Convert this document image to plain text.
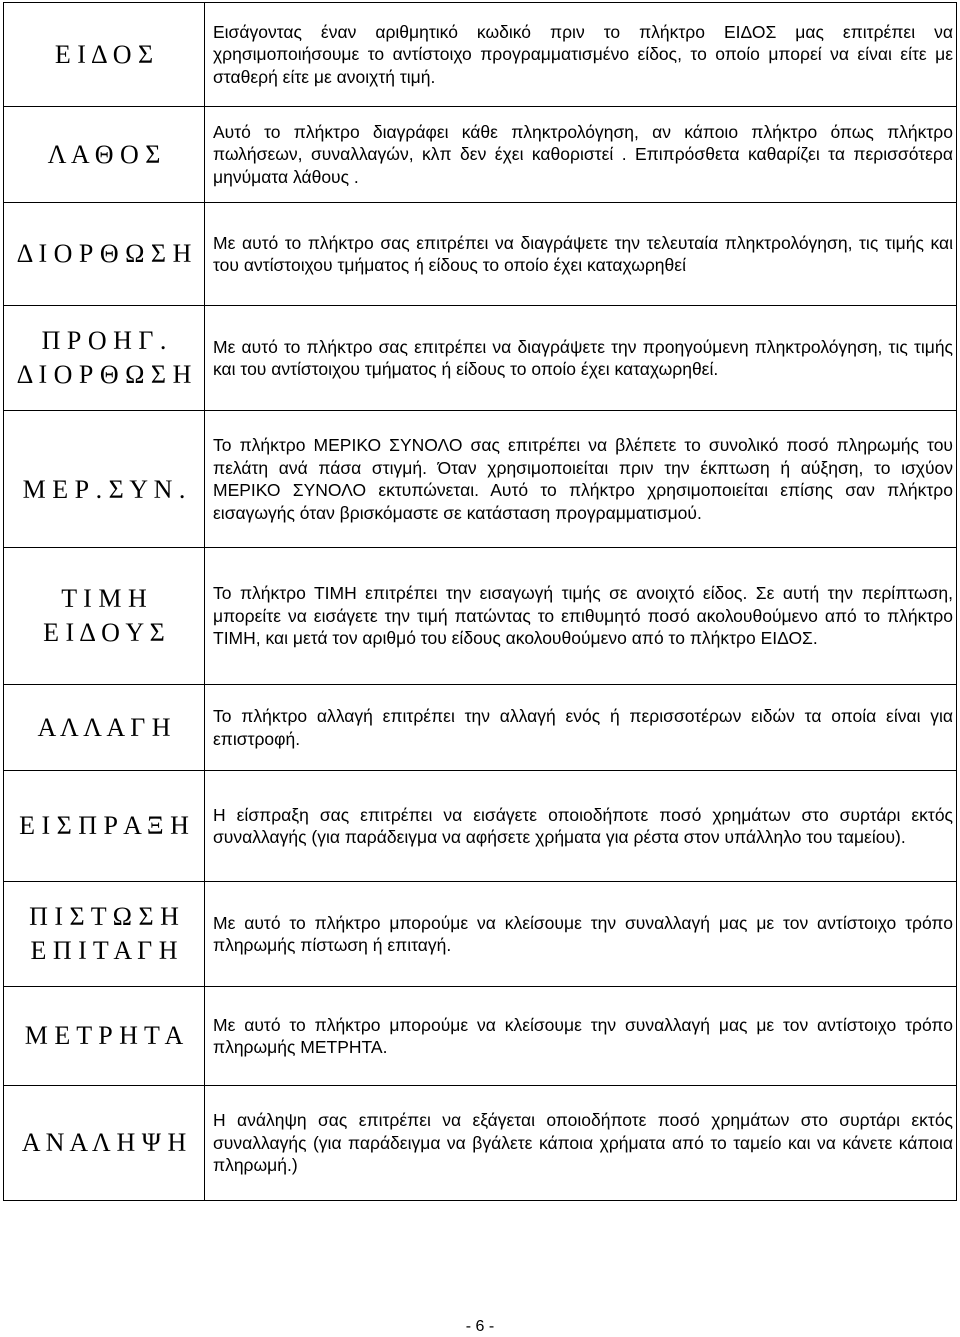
Ε Ι Δ Ο Σ	Εισάγοντας έναν αριθμητικό κωδικό πριν το πλήκτρο ΕΙΔΟΣ μας επιτρέπει να χρησιμοποιήσουμε το αντίστοιχο προγραμματισμένο είδος, το οποίο μπορεί να είναι είτε με σταθερή είτε με ανοιχτή τιμή.

Λ Α Θ Ο Σ	Αυτό το πλήκτρο διαγράφει κάθε πληκτρολόγηση, αν κάποιο πλήκτρο όπως πλήκτρο πωλήσεων, συναλλαγών, κλπ δεν έχει καθοριστεί . Επιπρόσθετα καθαρίζει τα περισσότερα μηνύματα λάθους .

Δ Ι Ο Ρ Θ Ω Σ Η	Με αυτό το πλήκτρο σας επιτρέπει να διαγράψετε την τελευταία πληκτρολόγηση, τις τιμής και του αντίστοιχου τμήματος ή είδους το οποίο έχει καταχωρηθεί

Π Ρ Ο Η Γ .
Δ Ι Ο Ρ Θ Ω Σ Η	Με αυτό το πλήκτρο σας επιτρέπει να διαγράψετε την προηγούμενη πληκτρολόγηση, τις τιμής και του αντίστοιχου τμήματος ή είδους το οποίο έχει καταχωρηθεί.

Μ Ε Ρ . Σ Υ Ν .	Το πλήκτρο ΜΕΡΙΚΟ ΣΥΝΟΛΟ σας επιτρέπει να βλέπετε το συνολικό ποσό πληρωμής του πελάτη ανά πάσα στιγμή. Όταν χρησιμοποιείται πριν την έκπτωση ή αύξηση, το ισχύον ΜΕΡΙΚΟ ΣΥΝΟΛΟ εκτυπώνεται. Αυτό το πλήκτρο χρησιμοποιείται επίσης σαν πλήκτρο εισαγωγής όταν βρισκόμαστε σε κατάσταση προγραμματισμού.

Τ Ι Μ Η
Ε Ι Δ Ο Υ Σ	Το πλήκτρο ΤΙΜΗ επιτρέπει την εισαγωγή τιμής σε ανοιχτό είδος. Σε αυτή την περίπτωση, μπορείτε να εισάγετε την τιμή πατώντας το επιθυμητό ποσό ακολουθούμενο από το πλήκτρο ΤΙΜΗ, και μετά τον αριθμό του είδους ακολουθούμενο από το πλήκτρο ΕΙΔΟΣ.

Α Λ Λ Α Γ Η	Το πλήκτρο αλλαγή επιτρέπει την αλλαγή ενός ή περισσοτέρων ειδών τα οποία είναι για επιστροφή.

Ε Ι Σ Π Ρ Α Ξ Η	Η είσπραξη σας επιτρέπει να εισάγετε οποιοδήποτε ποσό χρημάτων στο συρτάρι εκτός συναλλαγής (για παράδειγμα να αφήσετε χρήματα για ρέστα στον υπάλληλο του ταμείου).

Π Ι Σ Τ Ω Σ Η
Ε Π Ι Τ Α Γ Η	Με αυτό το πλήκτρο μπορούμε να κλείσουμε την συναλλαγή μας με τον αντίστοιχο τρόπο πληρωμής πίστωση ή επιταγή.

Μ Ε Τ Ρ Η Τ Α	Με αυτό το πλήκτρο μπορούμε να κλείσουμε την συναλλαγή μας με τον αντίστοιχο τρόπο πληρωμής ΜΕΤΡΗΤΑ.

Α Ν Α Λ Η Ψ Η	Η ανάληψη σας επιτρέπει να εξάγεται οποιοδήποτε ποσό χρημάτων στο συρτάρι εκτός συναλλαγής (για παράδειγμα να βγάλετε κάποια χρήματα από το ταμείο και να κάνετε κάποια πληρωμή.)
- 6 -
